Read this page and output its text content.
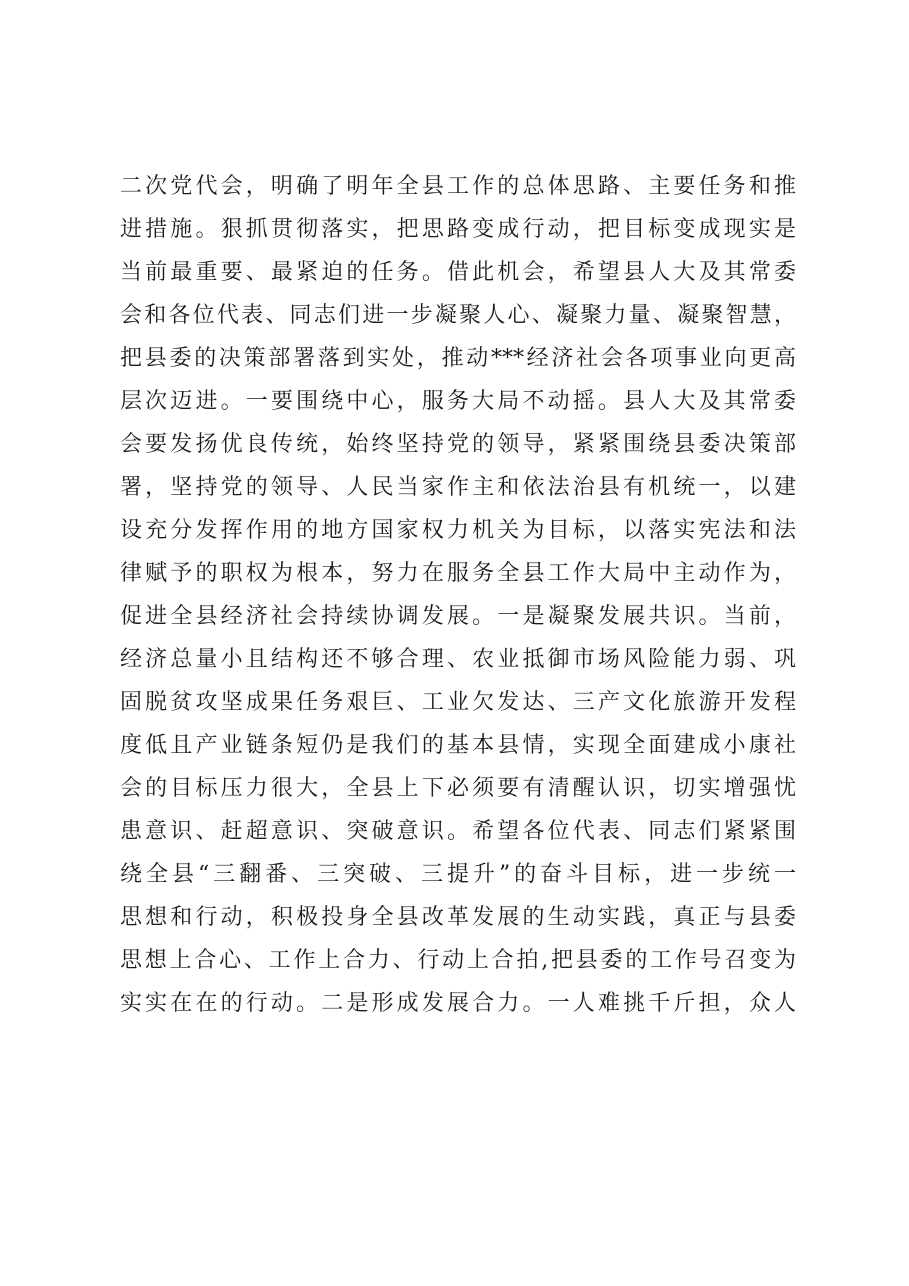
二次党代会，明确了明年全县工作的总体思路、主要任务和推
进措施。狠抓贯彻落实，把思路变成行动，把目标变成现实是
当前最重要、最紧迫的任务。借此机会，希望县人大及其常委
会和各位代表、同志们进一步凝聚人心、凝聚力量、凝聚智慧，
把县委的决策部署落到实处，推动***经济社会各项事业向更高
层次迈进。一要围绕中心，服务大局不动摇。县人大及其常委
会要发扬优良传统，始终坚持党的领导，紧紧围绕县委决策部
署，坚持党的领导、人民当家作主和依法治县有机统一，以建
设充分发挥作用的地方国家权力机关为目标，以落实宪法和法
律赋予的职权为根本，努力在服务全县工作大局中主动作为，
促进全县经济社会持续协调发展。一是凝聚发展共识。当前，
经济总量小且结构还不够合理、农业抵御市场风险能力弱、巩
固脱贫攻坚成果任务艰巨、工业欠发达、三产文化旅游开发程
度低且产业链条短仍是我们的基本县情，实现全面建成小康社
会的目标压力很大，全县上下必须要有清醒认识，切实增强忧
患意识、赶超意识、突破意识。希望各位代表、同志们紧紧围
绕全县“三翻番、三突破、三提升”的奋斗目标，进一步统一
思想和行动，积极投身全县改革发展的生动实践，真正与县委
思想上合心、工作上合力、行动上合拍,把县委的工作号召变为
实实在在的行动。二是形成发展合力。一人难挑千斤担，众人
